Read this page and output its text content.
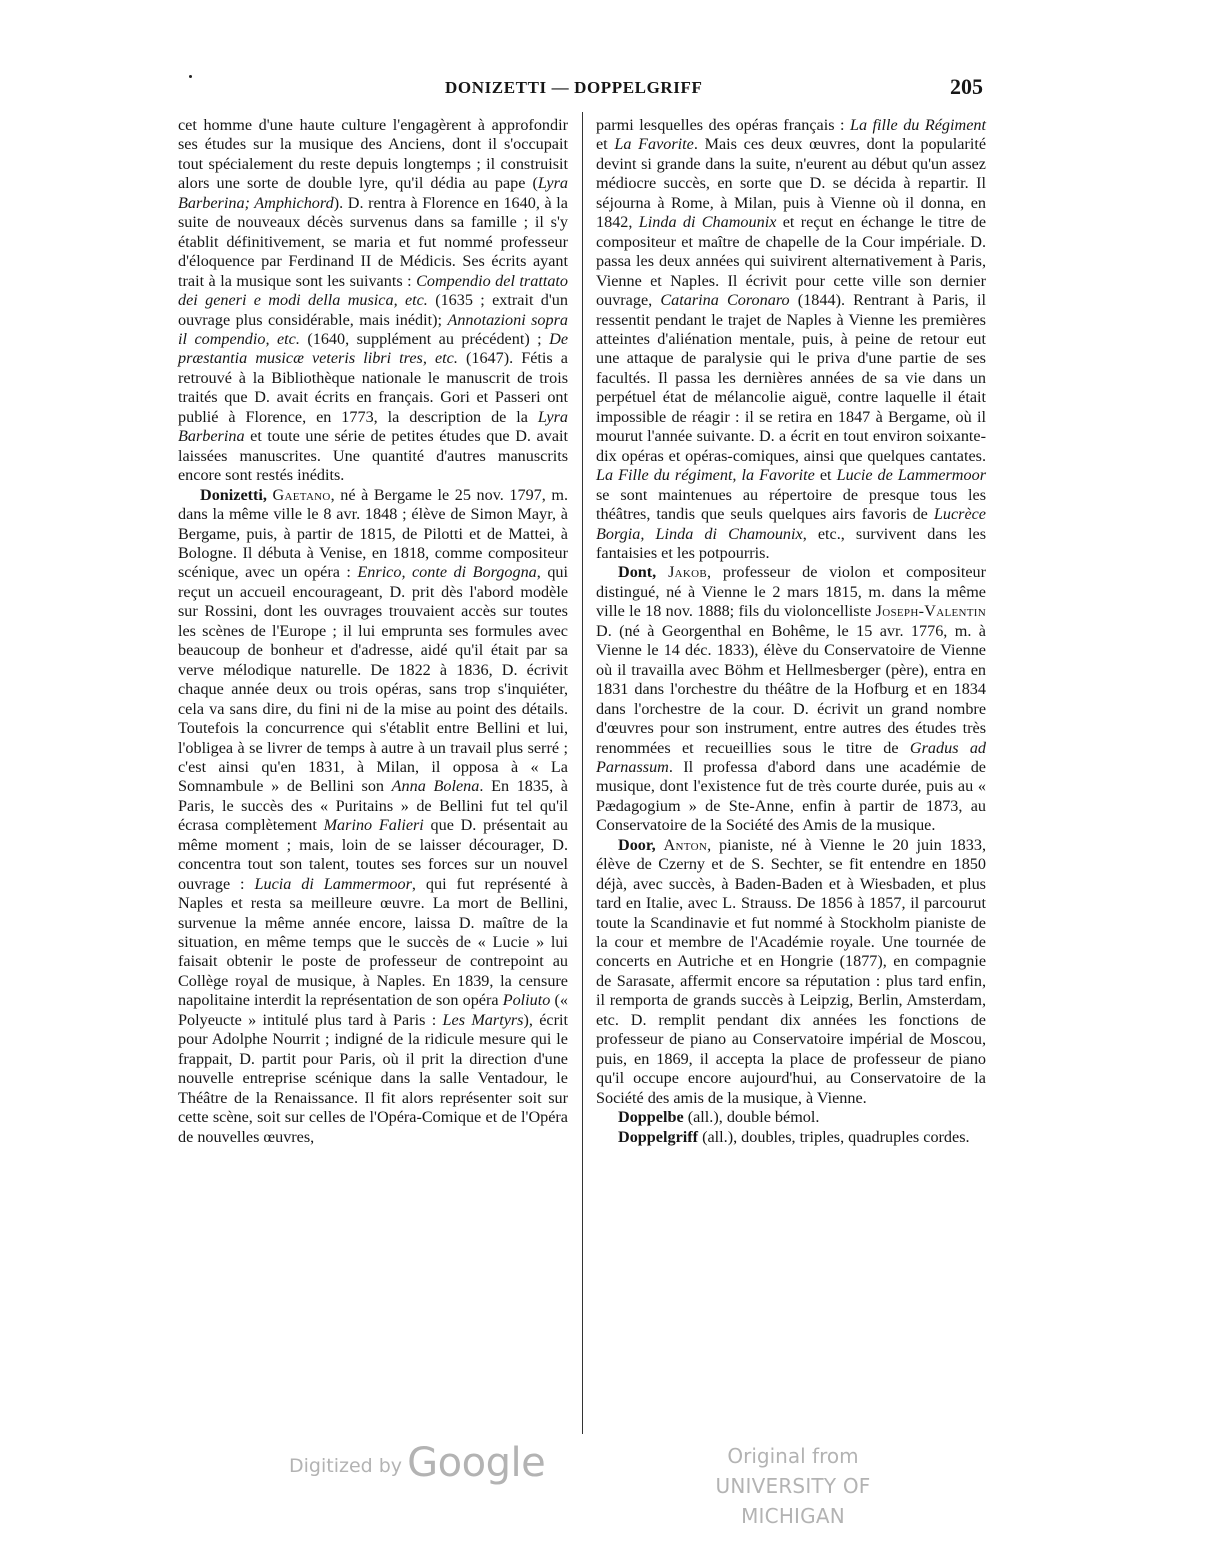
DONIZETTI — DOPPELGRIFF	205

cet homme d'une haute culture l'engagèrent à approfondir ses études sur la musique des Anciens, dont il s'occupait tout spécialement du reste depuis longtemps ; il construisit alors une sorte de double lyre, qu'il dédia au pape (Lyra Barberina; Amphichord). D. rentra à Florence en 1640, à la suite de nouveaux décès survenus dans sa famille ; il s'y établit définitivement, se maria et fut nommé professeur d'éloquence par Ferdinand II de Médicis. Ses écrits ayant trait à la musique sont les suivants : Compendio del trattato dei generi e modi della musica, etc. (1635 ; extrait d'un ouvrage plus considérable, mais inédit); Annotazioni sopra il compendio, etc. (1640, supplément au précédent) ; De præstantia musicæ veteris libri tres, etc. (1647). Fétis a retrouvé à la Bibliothèque nationale le manuscrit de trois traités que D. avait écrits en français. Gori et Passeri ont publié à Florence, en 1773, la description de la Lyra Barberina et toute une série de petites études que D. avait laissées manuscrites. Une quantité d'autres manuscrits encore sont restés inédits.

Donizetti, Gaetano, né à Bergame le 25 nov. 1797, m. dans la même ville le 8 avr. 1848 ; élève de Simon Mayr, à Bergame, puis, à partir de 1815, de Pilotti et de Mattei, à Bologne. Il débuta à Venise, en 1818, comme compositeur scénique, avec un opéra : Enrico, conte di Borgogna, qui reçut un accueil encourageant, D. prit dès l'abord modèle sur Rossini, dont les ouvrages trouvaient accès sur toutes les scènes de l'Europe ; il lui emprunta ses formules avec beaucoup de bonheur et d'adresse, aidé qu'il était par sa verve mélodique naturelle. De 1822 à 1836, D. écrivit chaque année deux ou trois opéras, sans trop s'inquiéter, cela va sans dire, du fini ni de la mise au point des détails. Toutefois la concurrence qui s'établit entre Bellini et lui, l'obligea à se livrer de temps à autre à un travail plus serré ; c'est ainsi qu'en 1831, à Milan, il opposa à « La Somnambule » de Bellini son Anna Bolena. En 1835, à Paris, le succès des « Puritains » de Bellini fut tel qu'il écrasa complètement Marino Falieri que D. présentait au même moment ; mais, loin de se laisser décourager, D. concentra tout son talent, toutes ses forces sur un nouvel ouvrage : Lucia di Lammermoor, qui fut représenté à Naples et resta sa meilleure œuvre. La mort de Bellini, survenue la même année encore, laissa D. maître de la situation, en même temps que le succès de « Lucie » lui faisait obtenir le poste de professeur de contrepoint au Collège royal de musique, à Naples. En 1839, la censure napolitaine interdit la représentation de son opéra Poliuto (« Polyeucte » intitulé plus tard à Paris : Les Martyrs), écrit pour Adolphe Nourrit ; indigné de la ridicule mesure qui le frappait, D. partit pour Paris, où il prit la direction d'une nouvelle entreprise scénique dans la salle Ventadour, le Théâtre de la Renaissance. Il fit alors représenter soit sur cette scène, soit sur celles de l'Opéra-Comique et de l'Opéra de nouvelles œuvres,

parmi lesquelles des opéras français : La fille du Régiment et La Favorite. Mais ces deux œuvres, dont la popularité devint si grande dans la suite, n'eurent au début qu'un assez médiocre succès, en sorte que D. se décida à repartir. Il séjourna à Rome, à Milan, puis à Vienne où il donna, en 1842, Linda di Chamounix et reçut en échange le titre de compositeur et maître de chapelle de la Cour impériale. D. passa les deux années qui suivirent alternativement à Paris, Vienne et Naples. Il écrivit pour cette ville son dernier ouvrage, Catarina Coronaro (1844). Rentrant à Paris, il ressentit pendant le trajet de Naples à Vienne les premières atteintes d'aliénation mentale, puis, à peine de retour eut une attaque de paralysie qui le priva d'une partie de ses facultés. Il passa les dernières années de sa vie dans un perpétuel état de mélancolie aiguë, contre laquelle il était impossible de réagir : il se retira en 1847 à Bergame, où il mourut l'année suivante. D. a écrit en tout environ soixante-dix opéras et opéras-comiques, ainsi que quelques cantates. La Fille du régiment, la Favorite et Lucie de Lammermoor se sont maintenues au répertoire de presque tous les théâtres, tandis que seuls quelques airs favoris de Lucrèce Borgia, Linda di Chamounix, etc., survivent dans les fantaisies et les potpourris.

Dont, Jakob, professeur de violon et compositeur distingué, né à Vienne le 2 mars 1815, m. dans la même ville le 18 nov. 1888; fils du violoncelliste Joseph-Valentin D. (né à Georgenthal en Bohême, le 15 avr. 1776, m. à Vienne le 14 déc. 1833), élève du Conservatoire de Vienne où il travailla avec Böhm et Hellmesberger (père), entra en 1831 dans l'orchestre du théâtre de la Hofburg et en 1834 dans l'orchestre de la cour. D. écrivit un grand nombre d'œuvres pour son instrument, entre autres des études très renommées et recueillies sous le titre de Gradus ad Parnassum. Il professa d'abord dans une académie de musique, dont l'existence fut de très courte durée, puis au « Pædagogium » de Ste-Anne, enfin à partir de 1873, au Conservatoire de la Société des Amis de la musique.

Door, Anton, pianiste, né à Vienne le 20 juin 1833, élève de Czerny et de S. Sechter, se fit entendre en 1850 déjà, avec succès, à Baden-Baden et à Wiesbaden, et plus tard en Italie, avec L. Strauss. De 1856 à 1857, il parcourut toute la Scandinavie et fut nommé à Stockholm pianiste de la cour et membre de l'Académie royale. Une tournée de concerts en Autriche et en Hongrie (1877), en compagnie de Sarasate, affermit encore sa réputation : plus tard enfin, il remporta de grands succès à Leipzig, Berlin, Amsterdam, etc. D. remplit pendant dix années les fonctions de professeur de piano au Conservatoire impérial de Moscou, puis, en 1869, il accepta la place de professeur de piano qu'il occupe encore aujourd'hui, au Conservatoire de la Société des amis de la musique, à Vienne.

Doppelbe (all.), double bémol.

Doppelgriff (all.), doubles, triples, quadruples cordes.

Digitized by Google	Original from
UNIVERSITY OF MICHIGAN
